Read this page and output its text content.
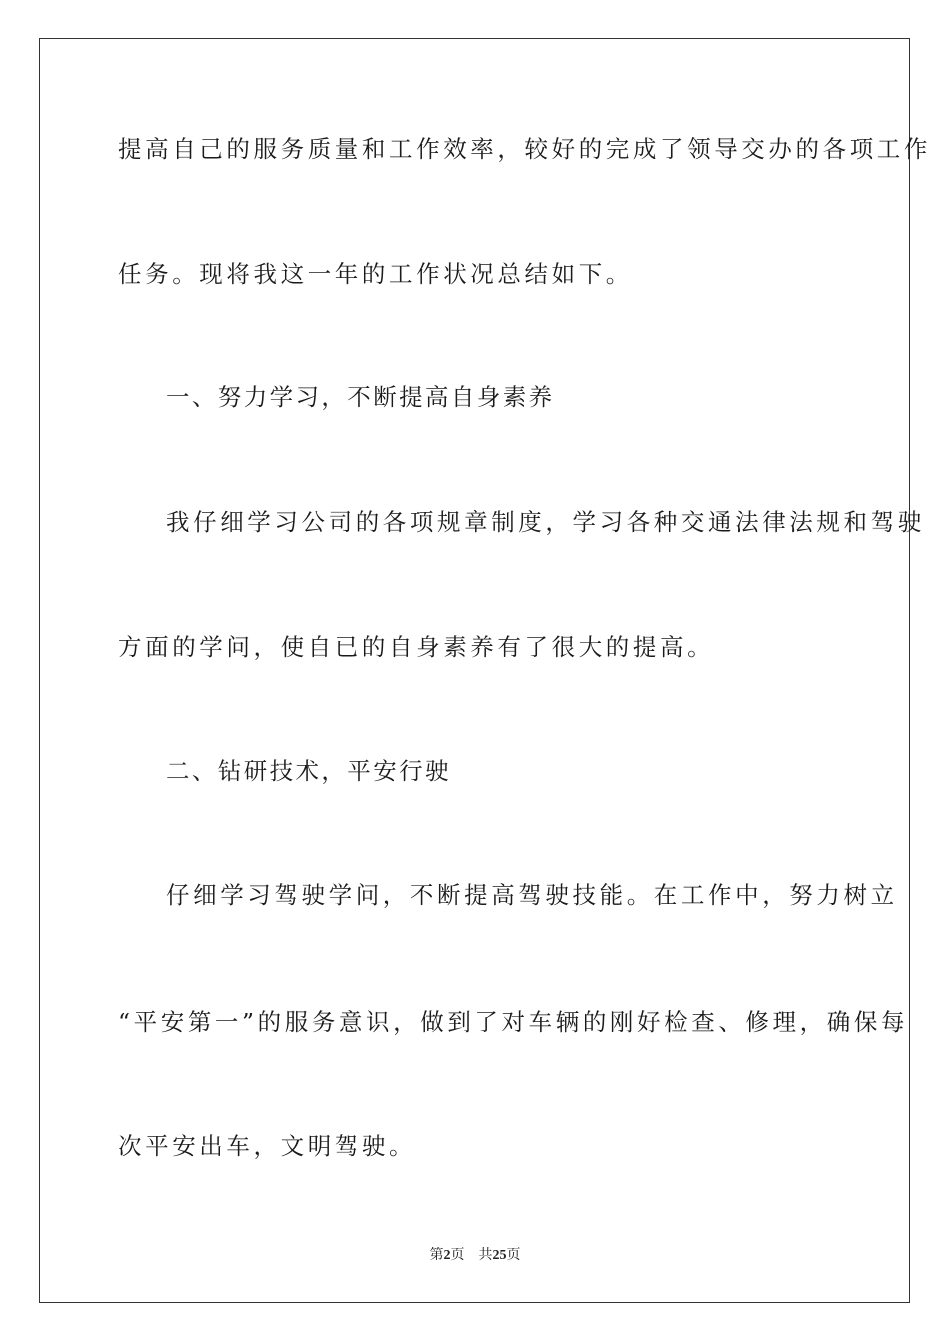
提高自己的服务质量和工作效率，较好的完成了领导交办的各项工作
任务。现将我这一年的工作状况总结如下。
一、努力学习，不断提高自身素养
我仔细学习公司的各项规章制度，学习各种交通法律法规和驾驶
方面的学问，使自已的自身素养有了很大的提高。
二、钻研技术，平安行驶
仔细学习驾驶学问，不断提高驾驶技能。在工作中，努力树立
“平安第一”的服务意识，做到了对车辆的刚好检查、修理，确保每
次平安出车，文明驾驶。
第2页 共25页
